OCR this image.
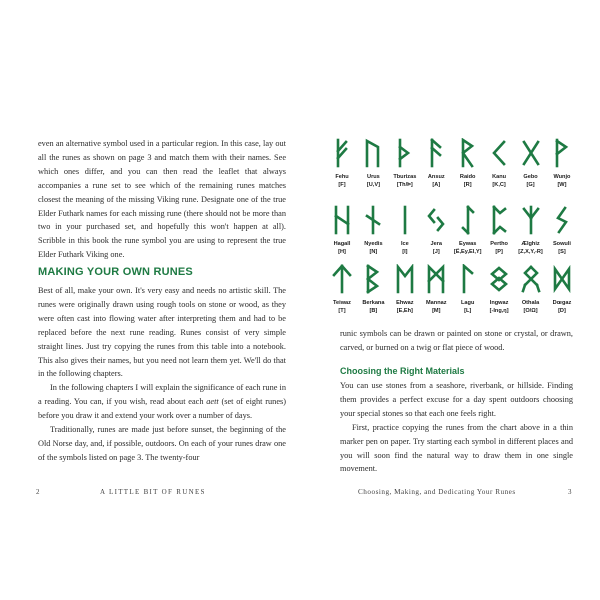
even an alternative symbol used in a particular region. In this case, lay out all the runes as shown on page 3 and match them with their names. See which ones differ, and you can then read the leaflet that always accompanies a rune set to see which of the remaining runes matches closest the meaning of the missing Viking rune. Designate one of the true Elder Futhark names for each missing rune (there should not be more than two in your purchased set, and hopefully this won't happen at all). Scribble in this book the rune symbol you are using to represent the true Elder Futhark Viking one.

MAKING YOUR OWN RUNES

Best of all, make your own. It's very easy and needs no artistic skill. The runes were originally drawn using rough tools on stone or wood, as they were often cast into flowing water after interpreting them and had to be replaced before the next rune reading. Runes consist of very simple straight lines. Just try copying the runes from this table into a notebook. This also gives their names, but you need not learn them yet. We'll do that in the following chapters.

In the following chapters I will explain the significance of each rune in a reading. You can, if you wish, read about each aett (set of eight runes) before you draw it and extend your work over a number of days.

Traditionally, runes are made just before sunset, the beginning of the Old Norse day, and, if possible, outdoors. On each of your runes draw one of the symbols listed on page 3. The twenty-four

2	A LITTLE BIT OF RUNES
Fehu
[F]
Urus
[U,V]
Tburizas
[Th/Þ]
Ansuz
[A]
Raido
[R]
Kanu
[K,C]
Gebo
[G]
Wunjo
[W]
Hagall
[H]
Nyedis
[N]
Ice
[I]
Jera
[J]
Eywas
[Ë,Ey,EI,Y]
Pertho
[P]
Ælghiz
[Z,X,Y,-R]
Sowuli
[S]
Teiwaz
[T]
Berkana
[B]
Ehwaz
[E,Eh]
Mannaz
[M]
Lagu
[L]
Ingwaz
[-Ing,ŋ]
Othala
[O/Ω]
Dœgaz
[D]

runic symbols can be drawn or painted on stone or crystal, or drawn, carved, or burned on a twig or flat piece of wood.

Choosing the Right Materials

You can use stones from a seashore, riverbank, or hillside. Finding them provides a perfect excuse for a day spent outdoors choosing your special stones so that each one feels right.

First, practice copying the runes from the chart above in a thin marker pen on paper. Try starting each symbol in different places and you will soon find the natural way to draw them in one single movement.

Choosing, Making, and Dedicating Your Runes	3
